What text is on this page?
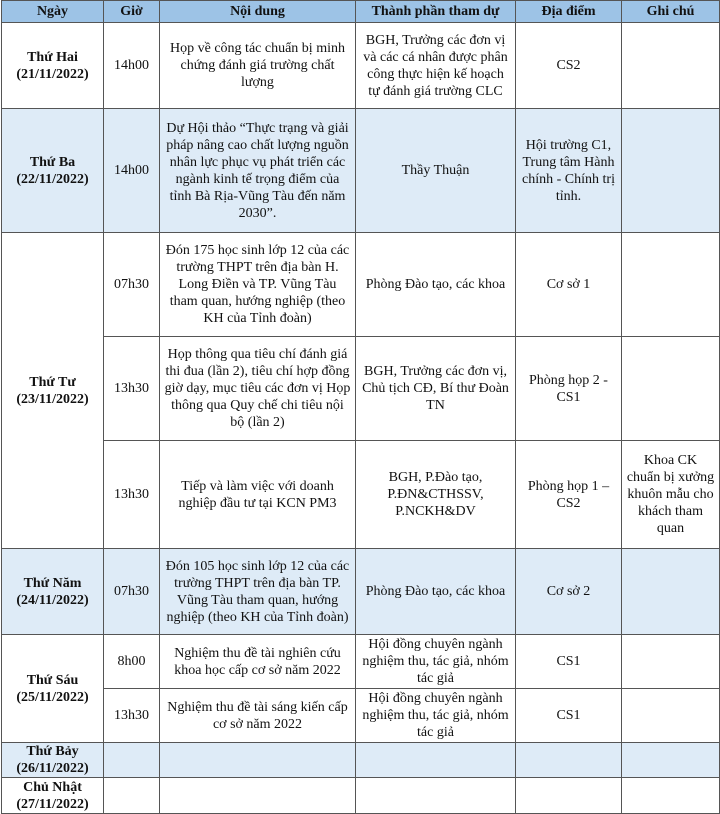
Ngày	Giờ	Nội dung	Thành phần tham dự	Địa điểm	Ghi chú

Thứ Hai
(21/11/2022)	14h00	Họp về công tác chuẩn bị minh chứng đánh giá trường chất lượng	BGH, Trưởng các đơn vị và các cá nhân được phân công thực hiện kế hoạch tự đánh giá trường CLC	CS2	

Thứ Ba
(22/11/2022)	14h00	Dự Hội thảo “Thực trạng và giải pháp nâng cao chất lượng nguồn nhân lực phục vụ phát triển các ngành kinh tế trọng điểm của tỉnh Bà Rịa-Vũng Tàu đến năm 2030”.	Thầy Thuận	Hội trường C1, Trung tâm Hành chính - Chính trị tỉnh.	

Thứ Tư
(23/11/2022)	07h30	Đón 175 học sinh lớp 12 của các trường THPT trên địa bàn H. Long Điền và TP. Vũng Tàu tham quan, hướng nghiệp (theo KH của Tỉnh đoàn)	Phòng Đào tạo, các khoa	Cơ sở 1	
	13h30	Họp thông qua tiêu chí đánh giá thi đua (lần 2), tiêu chí hợp đồng giờ dạy, mục tiêu các đơn vị Họp thông qua Quy chế chi tiêu nội bộ (lần 2)	BGH, Trưởng các đơn vị, Chủ tịch CĐ, Bí thư Đoàn TN	Phòng họp 2 - CS1	
	13h30	Tiếp và làm việc với doanh nghiệp đầu tư tại KCN PM3	BGH, P.Đào tạo, P.ĐN&CTHSSV, P.NCKH&DV	Phòng họp 1 – CS2	Khoa CK chuẩn bị xưởng khuôn mẫu cho khách tham quan

Thứ Năm
(24/11/2022)	07h30	Đón 105 học sinh lớp 12 của các trường THPT trên địa bàn TP. Vũng Tàu tham quan, hướng nghiệp (theo KH của Tỉnh đoàn)	Phòng Đào tạo, các khoa	Cơ sở 2	

Thứ Sáu
(25/11/2022)	8h00	Nghiệm thu đề tài nghiên cứu khoa học cấp cơ sở năm 2022	Hội đồng chuyên ngành nghiệm thu, tác giả, nhóm tác giả	CS1	
	13h30	Nghiệm thu đề tài sáng kiến cấp cơ sở năm 2022	Hội đồng chuyên ngành nghiệm thu, tác giả, nhóm tác giả	CS1	

Thứ Bảy
(26/11/2022)					

Chủ Nhật
(27/11/2022)					
